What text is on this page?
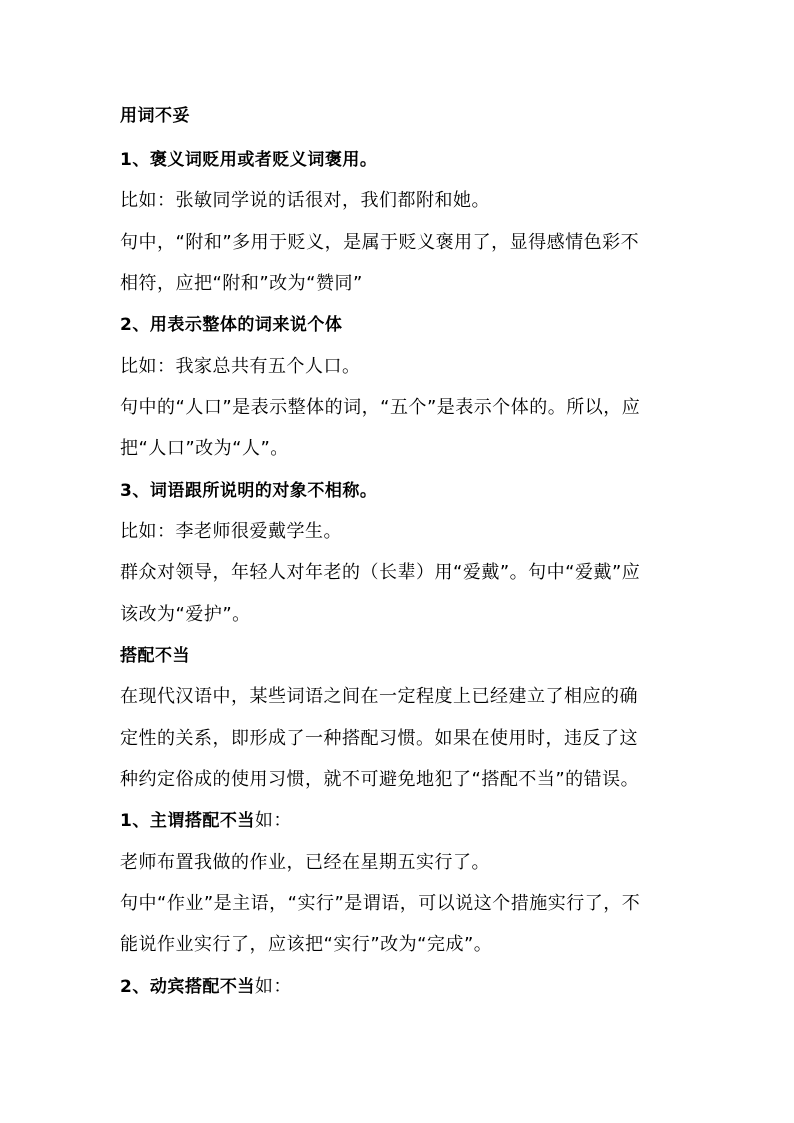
用词不妥
1、褒义词贬用或者贬义词褒用。
比如：张敏同学说的话很对，我们都附和她。
句中，“附和”多用于贬义，是属于贬义褒用了，显得感情色彩不
相符，应把“附和”改为“赞同”
2、用表示整体的词来说个体
比如：我家总共有五个人口。
句中的“人口”是表示整体的词，“五个”是表示个体的。所以，应
把“人口”改为“人”。
3、词语跟所说明的对象不相称。
比如：李老师很爱戴学生。
群众对领导，年轻人对年老的（长辈）用“爱戴”。句中“爱戴”应
该改为“爱护”。
搭配不当
在现代汉语中，某些词语之间在一定程度上已经建立了相应的确
定性的关系，即形成了一种搭配习惯。如果在使用时，违反了这
种约定俗成的使用习惯，就不可避免地犯了“搭配不当”的错误。
1、主谓搭配不当如：
老师布置我做的作业，已经在星期五实行了。
句中“作业”是主语，“实行”是谓语，可以说这个措施实行了，不
能说作业实行了，应该把“实行”改为“完成”。
2、动宾搭配不当如：
